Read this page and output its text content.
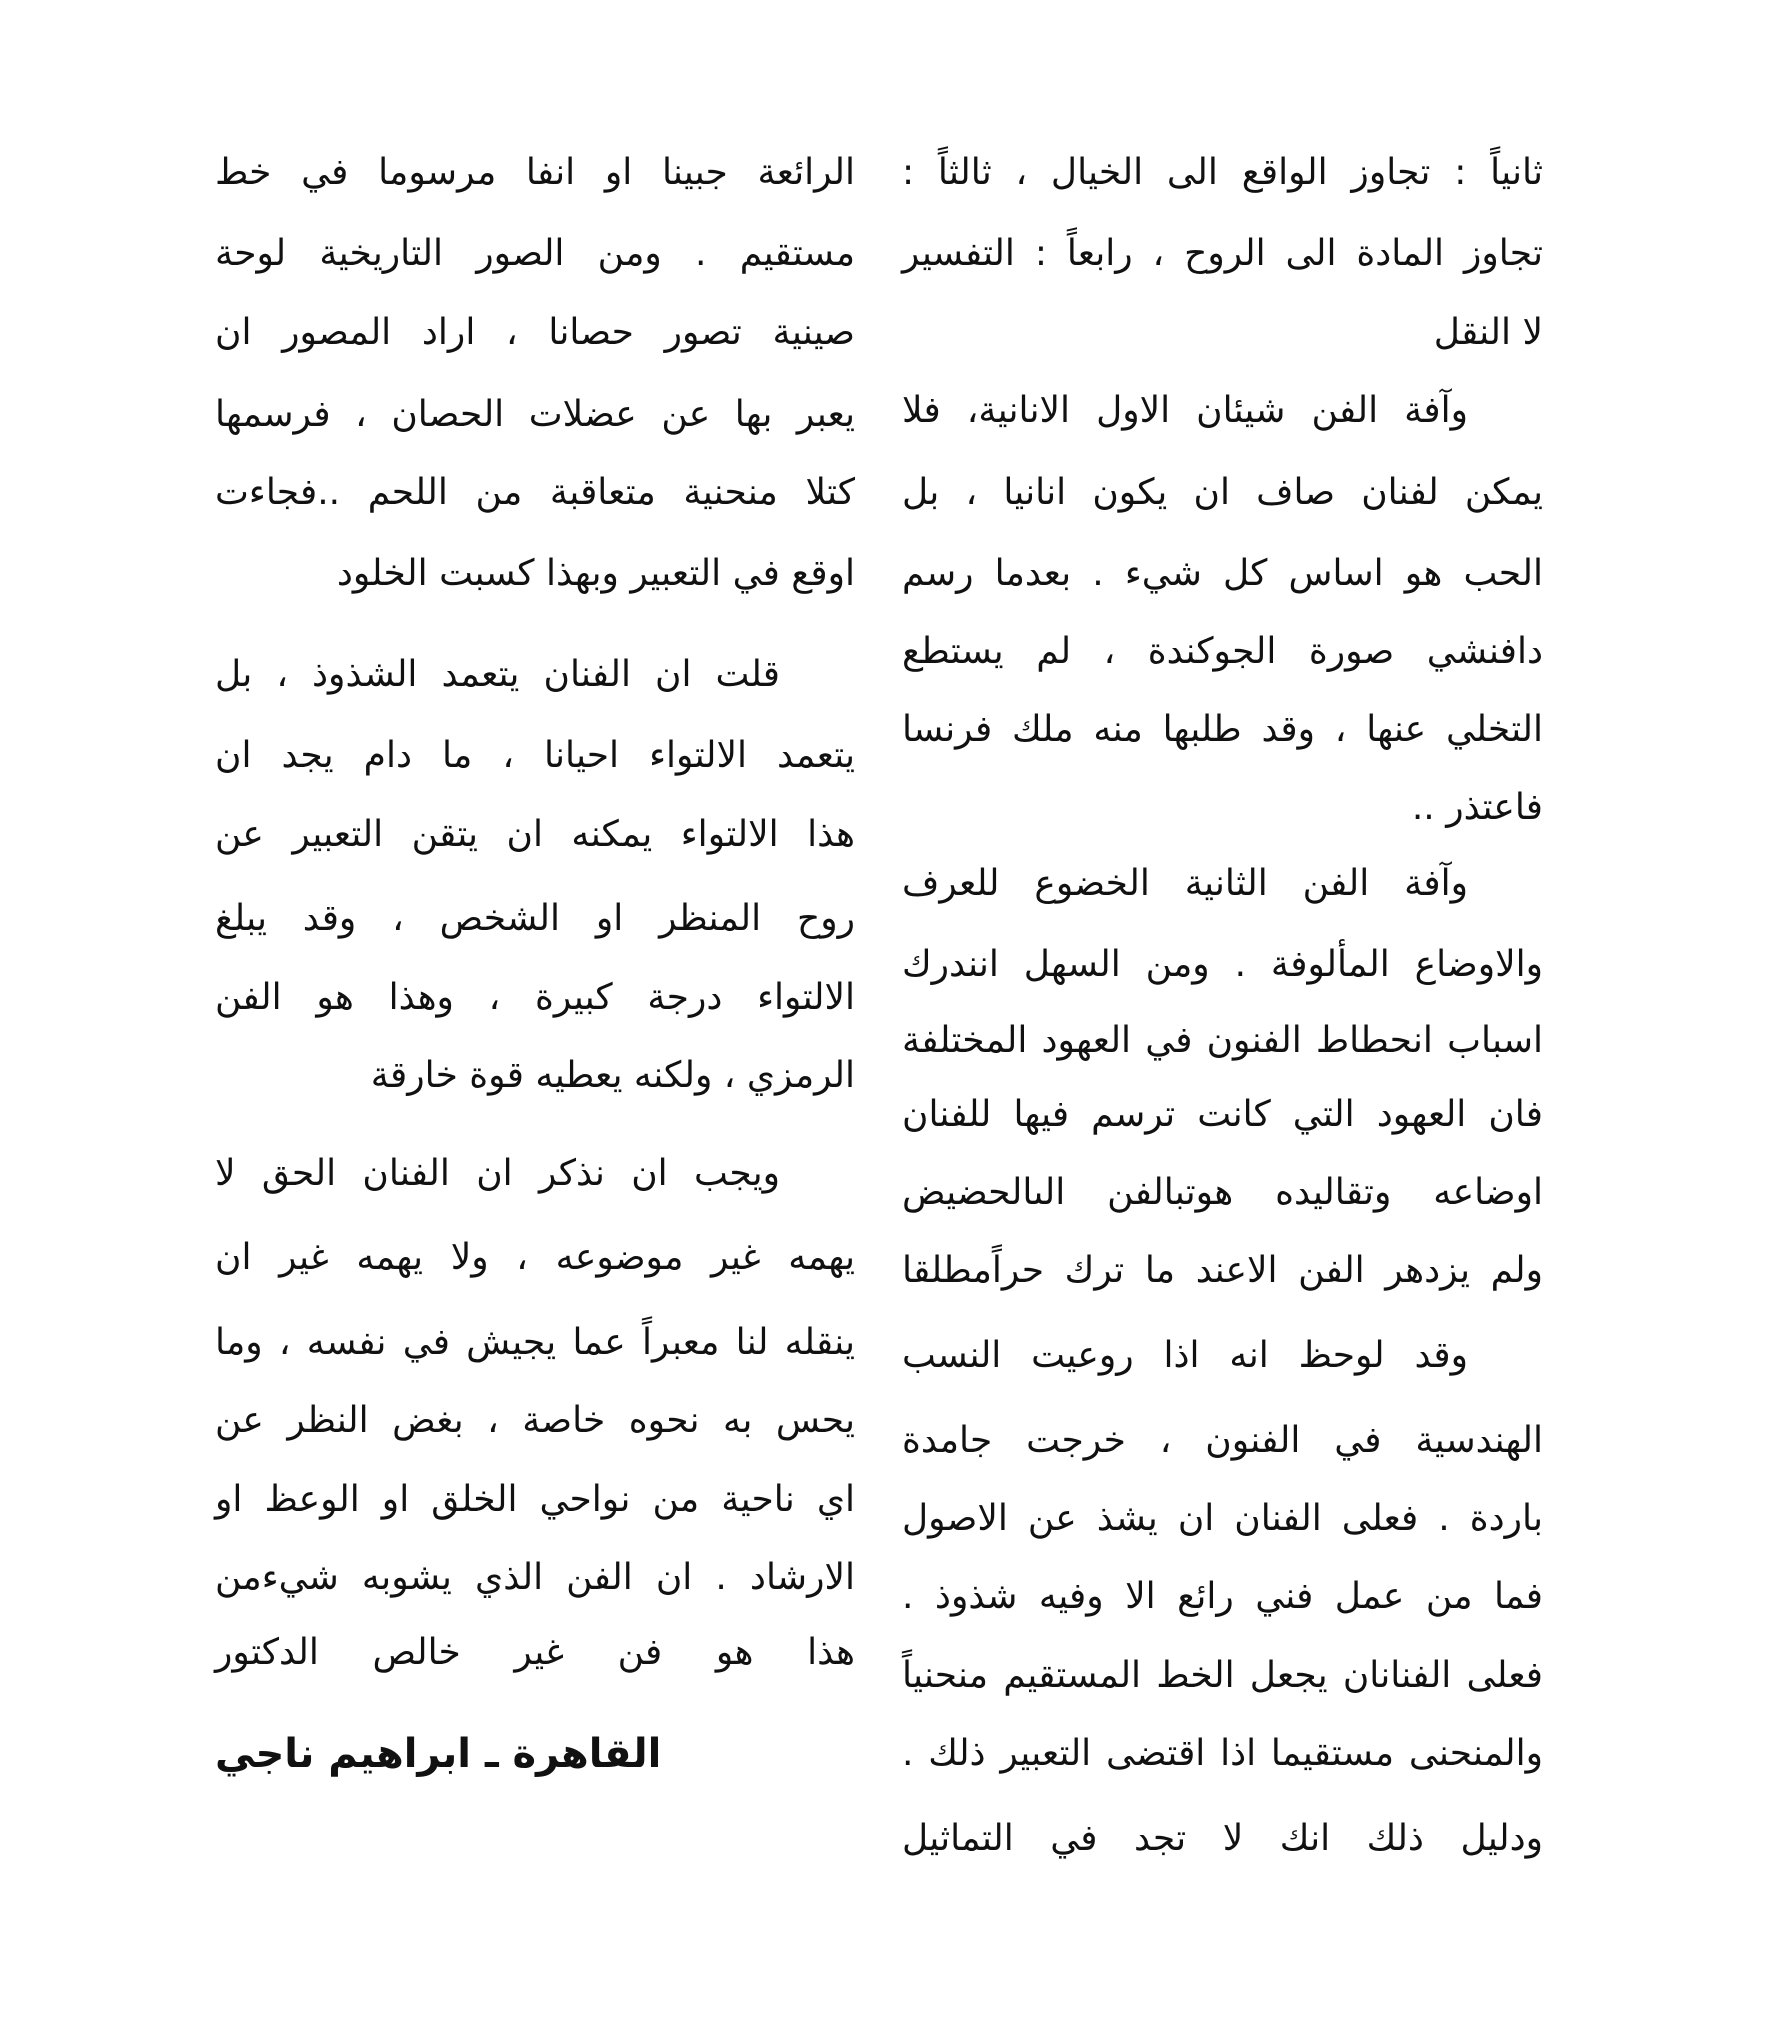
ثانياً : تجاوز الواقع الى الخيال ، ثالثاً :
تجاوز المادة الى الروح ، رابعاً : التفسير
لا النقل
وآفة الفن شيئان الاول الانانية، فلا
يمكن لفنان صاف ان يكون انانيا ، بل
الحب هو اساس كل شيء . بعدما رسم
دافنشي صورة الجوكندة ، لم يستطع
التخلي عنها ، وقد طلبها منه ملك فرنسا
فاعتذر ..
وآفة الفن الثانية الخضوع للعرف
والاوضاع المألوفة . ومن السهل انندرك
اسباب انحطاط الفنون في العهود المختلفة
فان العهود التي كانت ترسم فيها للفنان
اوضاعه وتقاليده هوتبالفن الىالحضيض
ولم يزدهر الفن الاعند ما ترك حراًمطلقا
وقد لوحظ انه اذا روعيت النسب
الهندسية في الفنون ، خرجت جامدة
باردة . فعلى الفنان ان يشذ عن الاصول
فما من عمل فني رائع الا وفيه شذوذ .
فعلى الفنانان يجعل الخط المستقيم منحنياً
والمنحنى مستقيما اذا اقتضى التعبير ذلك .
ودليل ذلك انك لا تجد في التماثيل
الرائعة جبينا او انفا مرسوما في خط
مستقيم . ومن الصور التاريخية لوحة
صينية تصور حصانا ، اراد المصور ان
يعبر بها عن عضلات الحصان ، فرسمها
كتلا منحنية متعاقبة من اللحم ..فجاءت
اوقع في التعبير وبهذا كسبت الخلود
قلت ان الفنان يتعمد الشذوذ ، بل
يتعمد الالتواء احيانا ، ما دام يجد ان
هذا الالتواء يمكنه ان يتقن التعبير عن
روح المنظر او الشخص ، وقد يبلغ
الالتواء درجة كبيرة ، وهذا هو الفن
الرمزي ، ولكنه يعطيه قوة خارقة
ويجب ان نذكر ان الفنان الحق لا
يهمه غير موضوعه ، ولا يهمه غير ان
ينقله لنا معبراً عما يجيش في نفسه ، وما
يحس به نحوه خاصة ، بغض النظر عن
اي ناحية من نواحي الخلق او الوعظ او
الارشاد . ان الفن الذي يشوبه شيءمن
هذا هو فن غير خالص الدكتور
القاهرة ـ ابراهيم ناجي
